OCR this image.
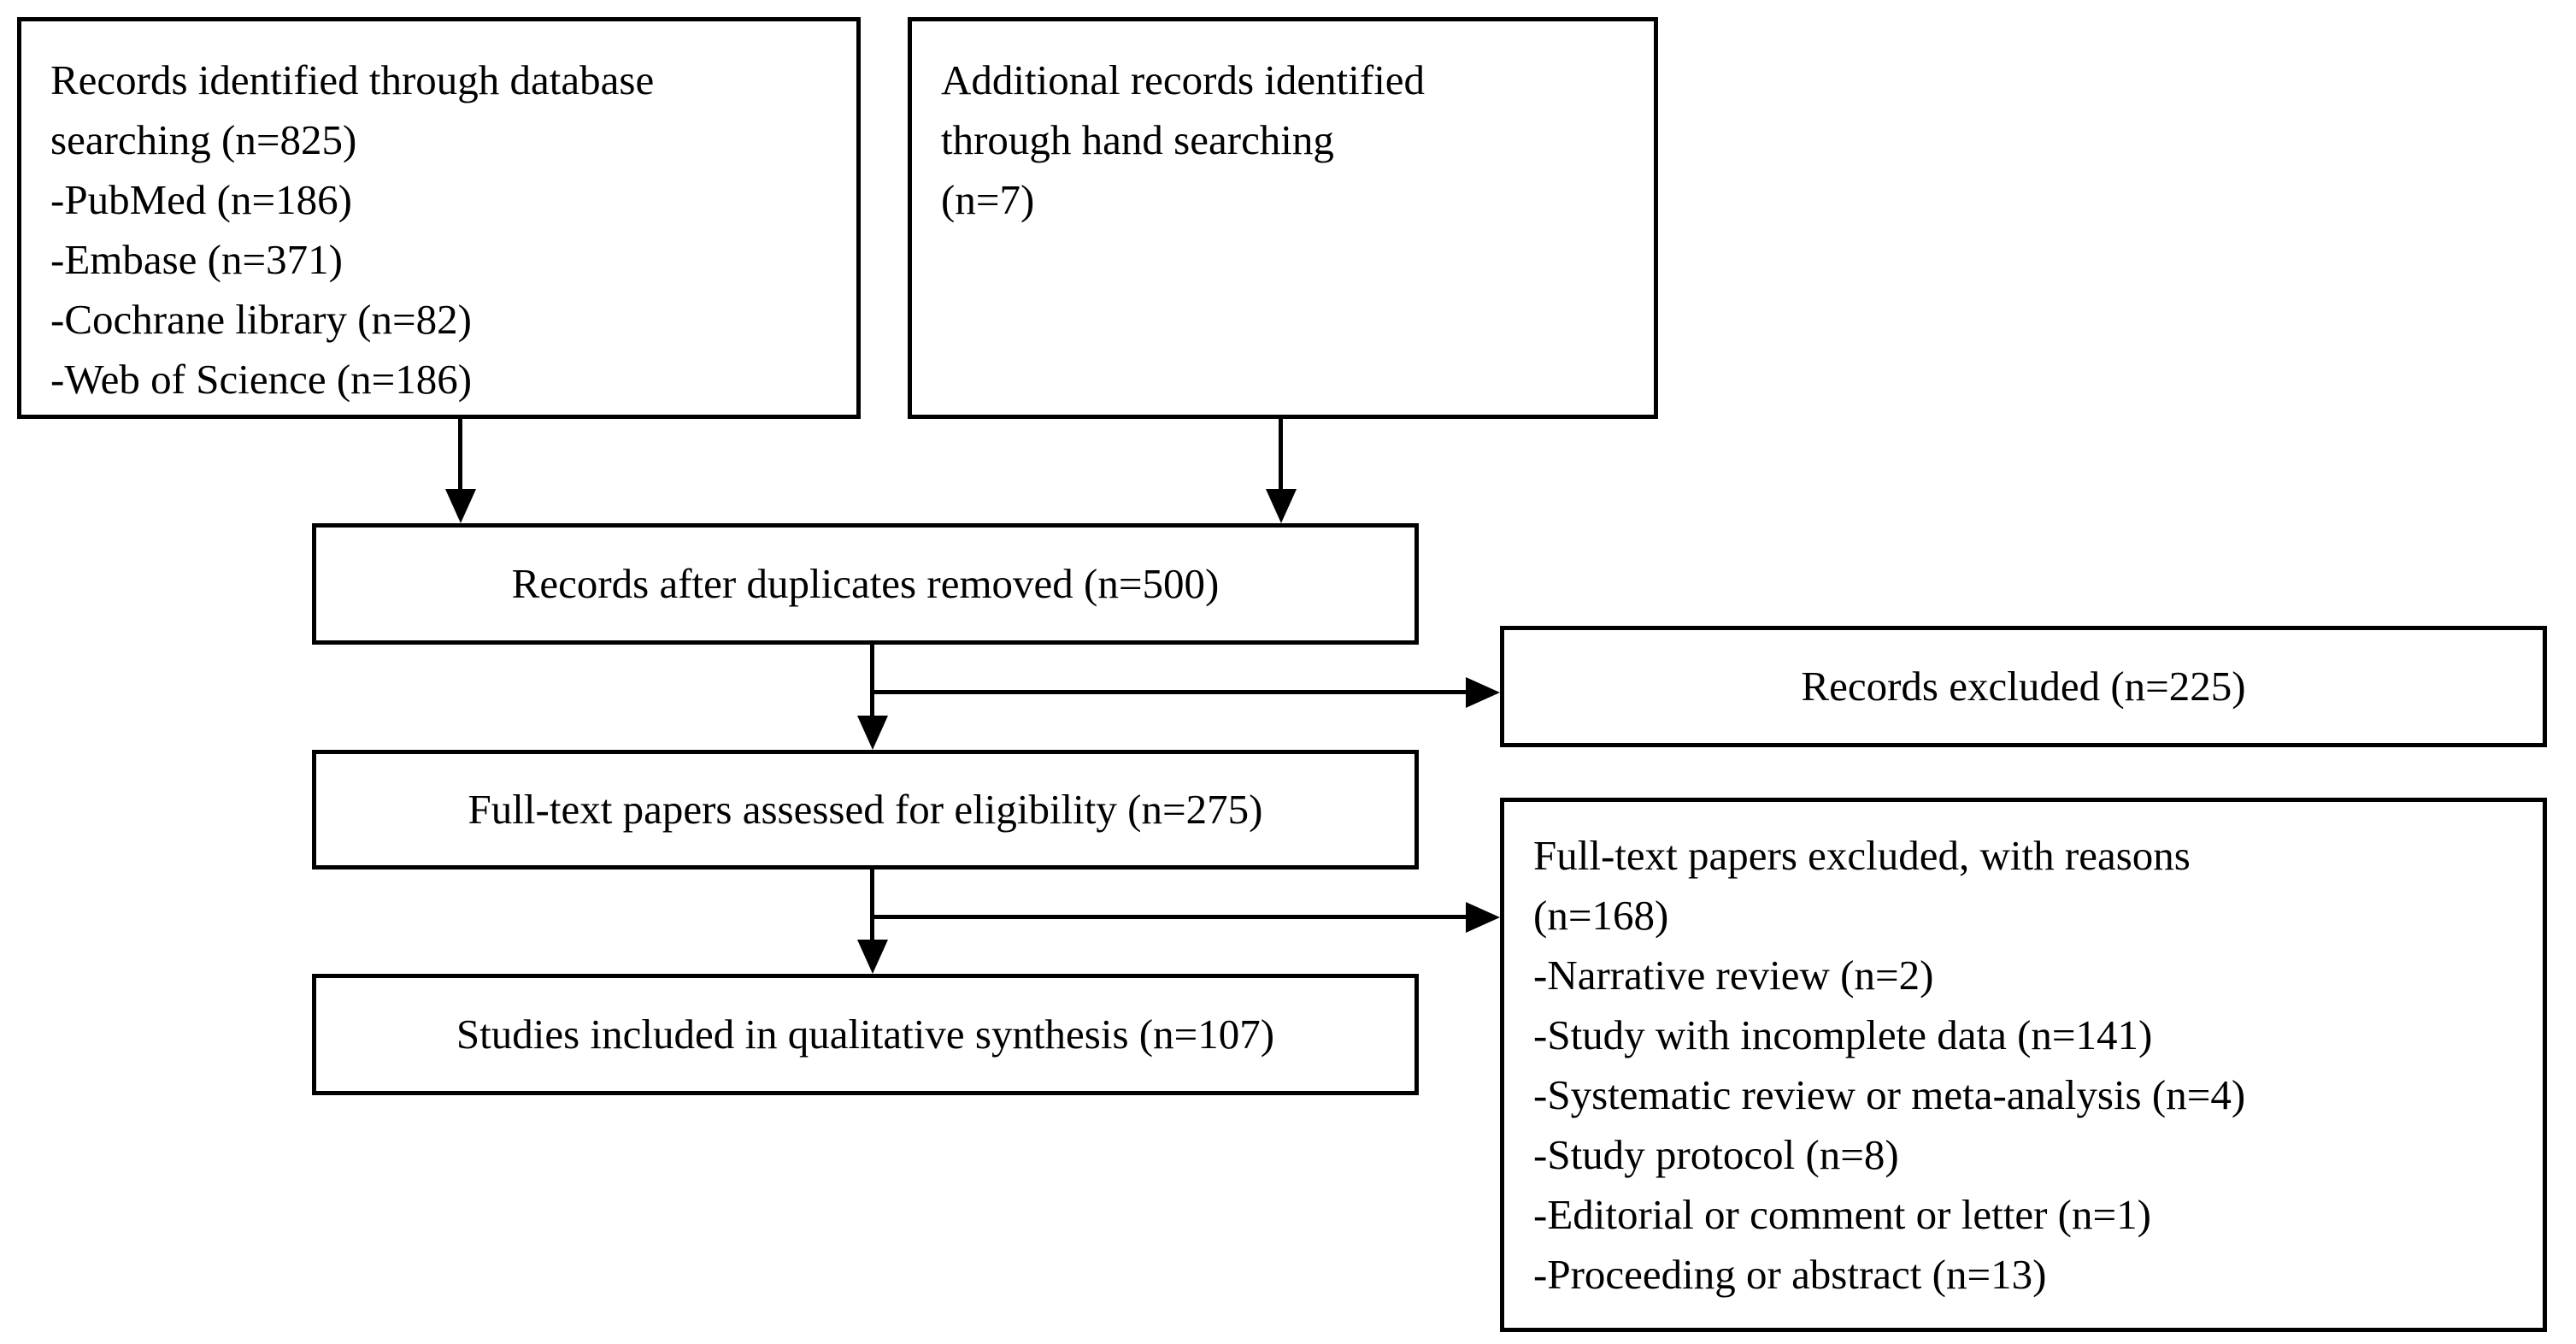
Records identified through database
searching (n=825)
-PubMed (n=186)
-Embase (n=371)
-Cochrane library (n=82)
-Web of Science (n=186)
Additional records identified
through hand searching
(n=7)
Records after duplicates removed (n=500)
Records excluded (n=225)
Full-text papers assessed for eligibility (n=275)
Full-text papers excluded, with reasons
(n=168)
-Narrative review (n=2)
-Study with incomplete data (n=141)
-Systematic review or meta-analysis (n=4)
-Study protocol (n=8)
-Editorial or comment or letter (n=1)
-Proceeding or abstract (n=13)
Studies included in qualitative synthesis (n=107)
